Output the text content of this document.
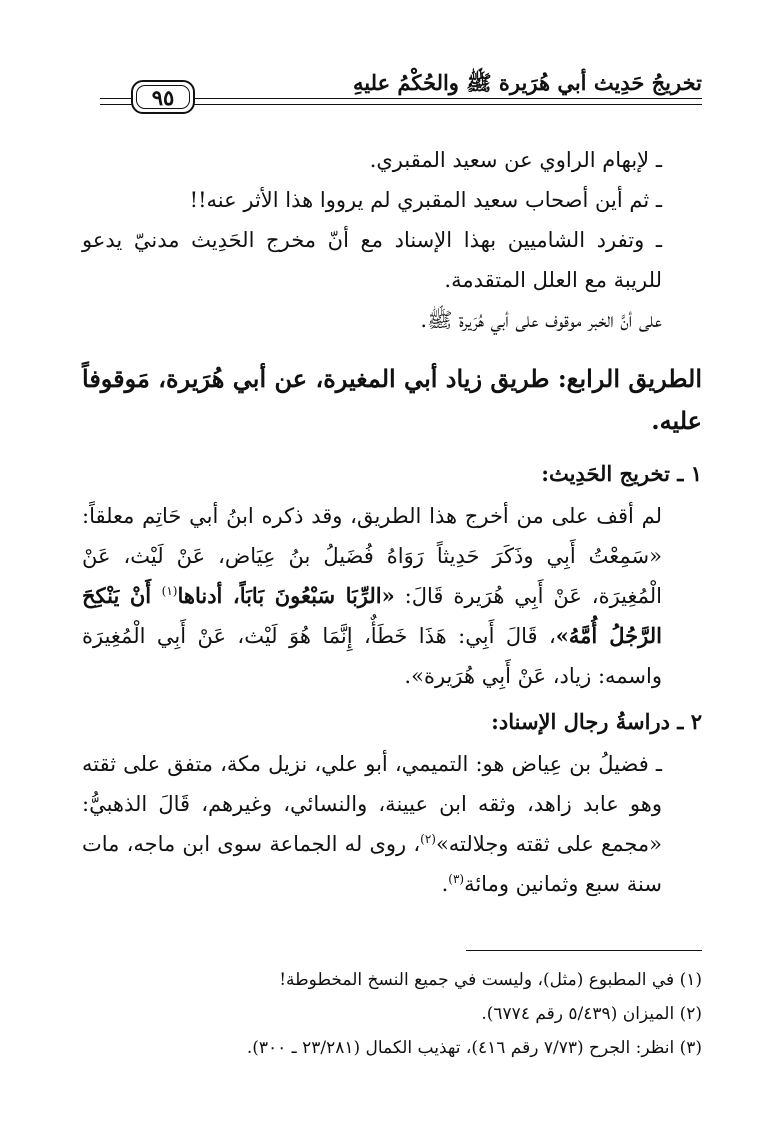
تخريجُ حَدِيث أبي هُرَيرة ﷺ والحُكْمُ عليهِ
٩٥

ـ لإبهام الراوي عن سعيد المقبري.

ـ ثم أين أصحاب سعيد المقبري لم يرووا هذا الأثر عنه!!

ـ وتفرد الشاميين بهذا الإسناد مع أنّ مخرج الحَدِيث مدنيّ يدعو للريبة مع العلل المتقدمة.

على أنَّ الخبر موقوف على أبي هُرَيرة ﷺ.

الطريق الرابع: طريق زياد أبي المغيرة، عن أبي هُرَيرة، مَوقوفاً عليه.

١ ـ تخريج الحَدِيث:

لم أقف على من أخرج هذا الطريق، وقد ذكره ابنُ أبي حَاتِم معلقاً: «سَمِعْتُ أَبِي وذَكَرَ حَدِيثاً رَوَاهُ فُضَيلُ بنُ عِيَاض، عَنْ لَيْث، عَنْ الْمُغِيرَة، عَنْ أَبِي هُرَيرة قَالَ: «الرِّبَا سَبْعُونَ بَابَاً، أدناها$^{(١)}$ أَنْ يَنْكِحَ الرَّجُلُ أُمَّهُ»، قَالَ أَبِي: هَذَا خَطَأٌ، إِنَّمَا هُوَ لَيْث، عَنْ أَبِي الْمُغِيرَة واسمه: زياد، عَنْ أَبِي هُرَيرة».

٢ ـ دراسةُ رجال الإسناد:

ـ فضيلُ بن عِياض هو: التميمي، أبو علي، نزيل مكة، متفق على ثقته وهو عابد زاهد، وثقه ابن عيينة، والنسائي، وغيرهم، قَالَ الذهبيُّ: «مجمع على ثقته وجلالته»$^{(٢)}$، روى له الجماعة سوى ابن ماجه، مات سنة سبع وثمانين ومائة$^{(٣)}$.

(١) في المطبوع (مثل)، وليست في جميع النسخ المخطوطة!

(٢) الميزان (٥/٤٣٩ رقم ٦٧٧٤).

(٣) انظر: الجرح (٧/٧٣ رقم ٤١٦)، تهذيب الكمال (٢٣/٢٨١ ـ ٣٠٠).
